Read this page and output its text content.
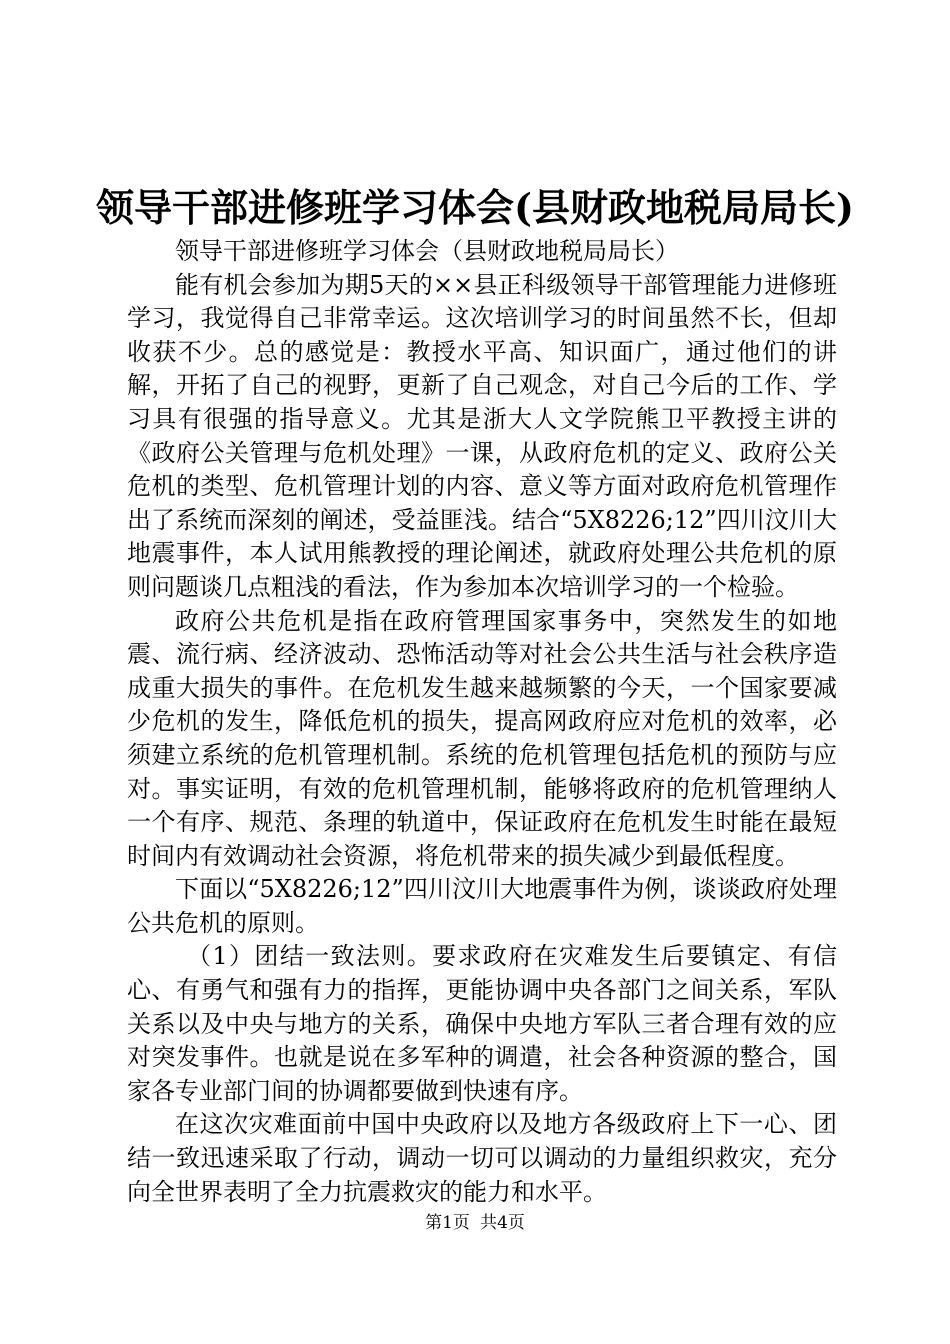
领导干部进修班学习体会(县财政地税局局长)

领导干部进修班学习体会（县财政地税局局长）

能有机会参加为期5天的××县正科级领导干部管理能力进修班学习，我觉得自己非常幸运。这次培训学习的时间虽然不长，但却收获不少。总的感觉是：教授水平高、知识面广，通过他们的讲解，开拓了自己的视野，更新了自己观念，对自己今后的工作、学习具有很强的指导意义。尤其是浙大人文学院熊卫平教授主讲的《政府公关管理与危机处理》一课，从政府危机的定义、政府公关危机的类型、危机管理计划的内容、意义等方面对政府危机管理作出了系统而深刻的阐述，受益匪浅。结合“5X8226;12”四川汶川大地震事件，本人试用熊教授的理论阐述，就政府处理公共危机的原则问题谈几点粗浅的看法，作为参加本次培训学习的一个检验。

政府公共危机是指在政府管理国家事务中，突然发生的如地震、流行病、经济波动、恐怖活动等对社会公共生活与社会秩序造成重大损失的事件。在危机发生越来越频繁的今天，一个国家要减少危机的发生，降低危机的损失，提高网政府应对危机的效率，必须建立系统的危机管理机制。系统的危机管理包括危机的预防与应对。事实证明，有效的危机管理机制，能够将政府的危机管理纳人一个有序、规范、条理的轨道中，保证政府在危机发生时能在最短时间内有效调动社会资源，将危机带来的损失减少到最低程度。

下面以“5X8226;12”四川汶川大地震事件为例，谈谈政府处理公共危机的原则。

（1）团结一致法则。要求政府在灾难发生后要镇定、有信心、有勇气和强有力的指挥，更能协调中央各部门之间关系，军队关系以及中央与地方的关系，确保中央地方军队三者合理有效的应对突发事件。也就是说在多军种的调遣，社会各种资源的整合，国家各专业部门间的协调都要做到快速有序。

在这次灾难面前中国中央政府以及地方各级政府上下一心、团结一致迅速采取了行动，调动一切可以调动的力量组织救灾，充分向全世界表明了全力抗震救灾的能力和水平。

第1页 共4页
